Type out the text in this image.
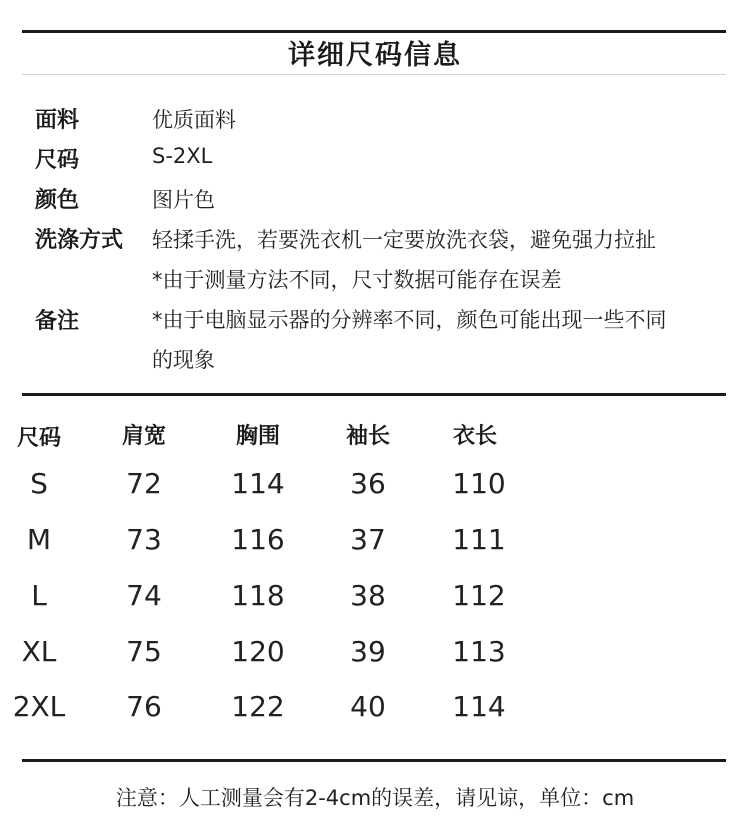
详细尺码信息
面料	优质面料
尺码	S-2XL
颜色	图片色
洗涤方式 轻揉手洗，若要洗衣机一定要放洗衣袋，避免强力拉扯
*由于测量方法不同，尺寸数据可能存在误差
备注	*由于电脑显示器的分辨率不同，颜色可能出现一些不同
的现象
尺码	肩宽	胸围	袖长	衣长
S	72	114	36	110
M	73	116	37	111
L	74	118	38	112
XL	75	120	39	113
2XL	76	122	40	114
注意：人工测量会有2-4cm的误差，请见谅，单位：cm
